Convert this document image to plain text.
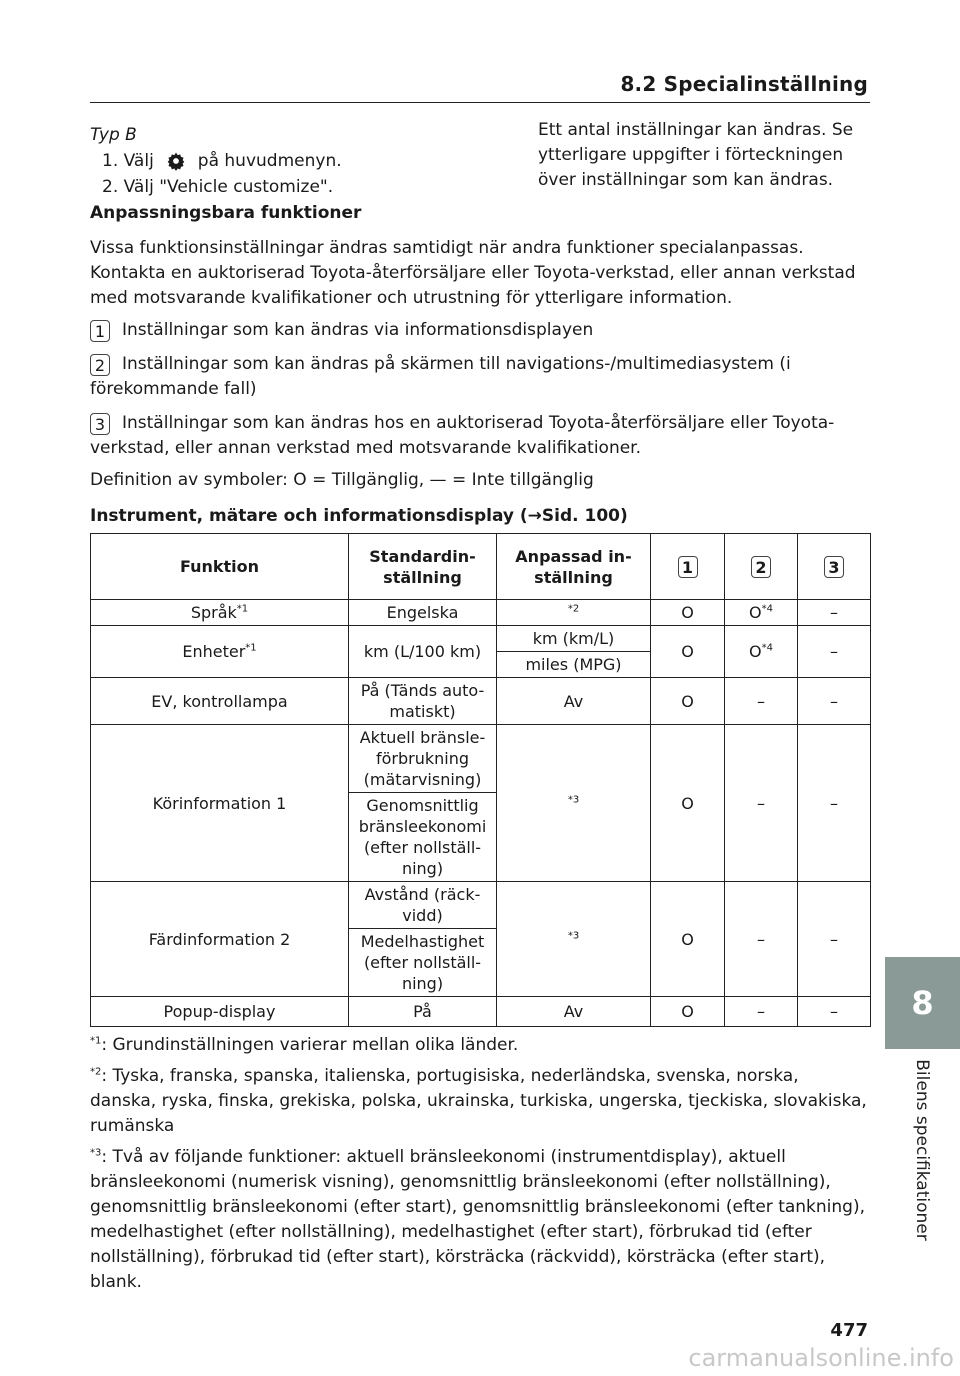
8.2 Specialinställning
Typ B
1. Välj	på huvudmenyn.
2. Välj "Vehicle customize".
Anpassningsbara funktioner
Ett antal inställningar kan ändras. Se ytterligare uppgifter i förteckningen över inställningar som kan ändras.
Vissa funktionsinställningar ändras samtidigt när andra funktioner specialanpassas. Kontakta en auktoriserad Toyota-återförsäljare eller Toyota-verkstad, eller annan verkstad med motsvarande kvalifikationer och utrustning för ytterligare information.
1 Inställningar som kan ändras via informationsdisplayen
2 Inställningar som kan ändras på skärmen till navigations-/multimediasystem (i förekommande fall)
3 Inställningar som kan ändras hos en auktoriserad Toyota-återförsäljare eller Toyota-verkstad, eller annan verkstad med motsvarande kvalifikationer.
Definition av symboler: O = Tillgänglig, — = Inte tillgänglig
Instrument, mätare och informationsdisplay (→Sid. 100)
Funktion	Standardin-ställning	Anpassad in-ställning	1	2	3
Språk$^{*1}$	Engelska	$^{*2}$	O	$O^{*4}$	–
Enheter$^{*1}$	km (L/100 km)	km (km/L)	O	$O^{*4}$	–
		miles (MPG)			
EV, kontrollampa	På (Tänds auto-matiskt)	Av	O	–	–
Körinformation 1	Aktuell bränsle-förbrukning (mätarvisning)	$^{*3}$	O	–	–
	Genomsnittlig bränsleekonomi (efter nollställ-ning)				
Färdinformation 2	Avstånd (räck-vidd)	$^{*3}$	O	–	–
	Medelhastighet (efter nollställ-ning)				
Popup-display	På	Av	O	–	–

$^{*1}$: Grundinställningen varierar mellan olika länder.

$^{*2}$: Tyska, franska, spanska, italienska, portugisiska, nederländska, svenska, norska, danska, ryska, finska, grekiska, polska, ukrainska, turkiska, ungerska, tjeckiska, slovakiska, rumänska

$^{*3}$: Två av följande funktioner: aktuell bränsleekonomi (instrumentdisplay), aktuell bränsleekonomi (numerisk visning), genomsnittlig bränsleekonomi (efter nollställning), genomsnittlig bränsleekonomi (efter start), genomsnittlig bränsleekonomi (efter tankning), medelhastighet (efter nollställning), medelhastighet (efter start), förbrukad tid (efter nollställning), förbrukad tid (efter start), körsträcka (räckvidd), körsträcka (efter start), blank.

8
Bilens specifikationer
477
carmanualsonline.info
